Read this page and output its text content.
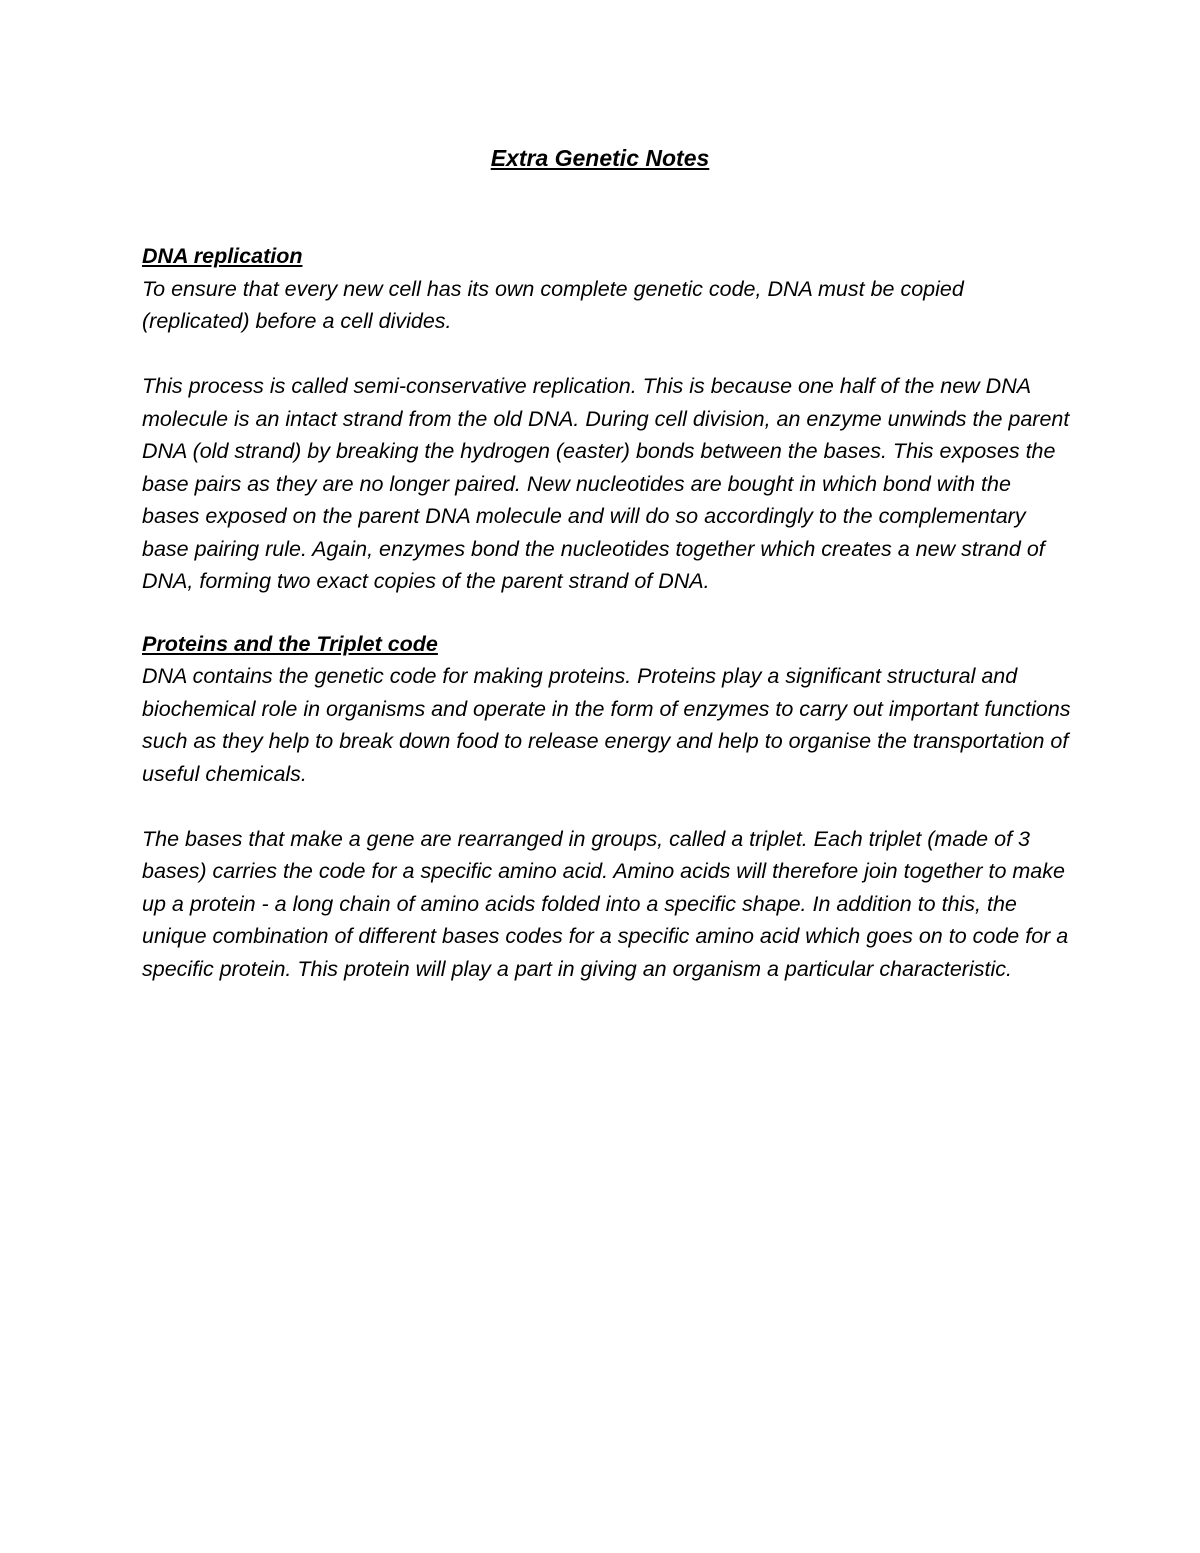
Extra Genetic Notes

DNA replication

To ensure that every new cell has its own complete genetic code, DNA must be copied (replicated) before a cell divides.

This process is called semi-conservative replication. This is because one half of the new DNA molecule is an intact strand from the old DNA. During cell division, an enzyme unwinds the parent DNA (old strand) by breaking the hydrogen (easter) bonds between the bases. This exposes the base pairs as they are no longer paired. New nucleotides are bought in which bond with the bases exposed on the parent DNA molecule and will do so accordingly to the complementary base pairing rule. Again, enzymes bond the nucleotides together which creates a new strand of DNA, forming two exact copies of the parent strand of DNA.

Proteins and the Triplet code

DNA contains the genetic code for making proteins. Proteins play a significant structural and biochemical role in organisms and operate in the form of enzymes to carry out important functions such as they help to break down food to release energy and help to organise the transportation of useful chemicals.

The bases that make a gene are rearranged in groups, called a triplet. Each triplet (made of 3 bases) carries the code for a specific amino acid. Amino acids will therefore join together to make up a protein - a long chain of amino acids folded into a specific shape. In addition to this, the unique combination of different bases codes for a specific amino acid which goes on to code for a specific protein. This protein will play a part in giving an organism a particular characteristic.
